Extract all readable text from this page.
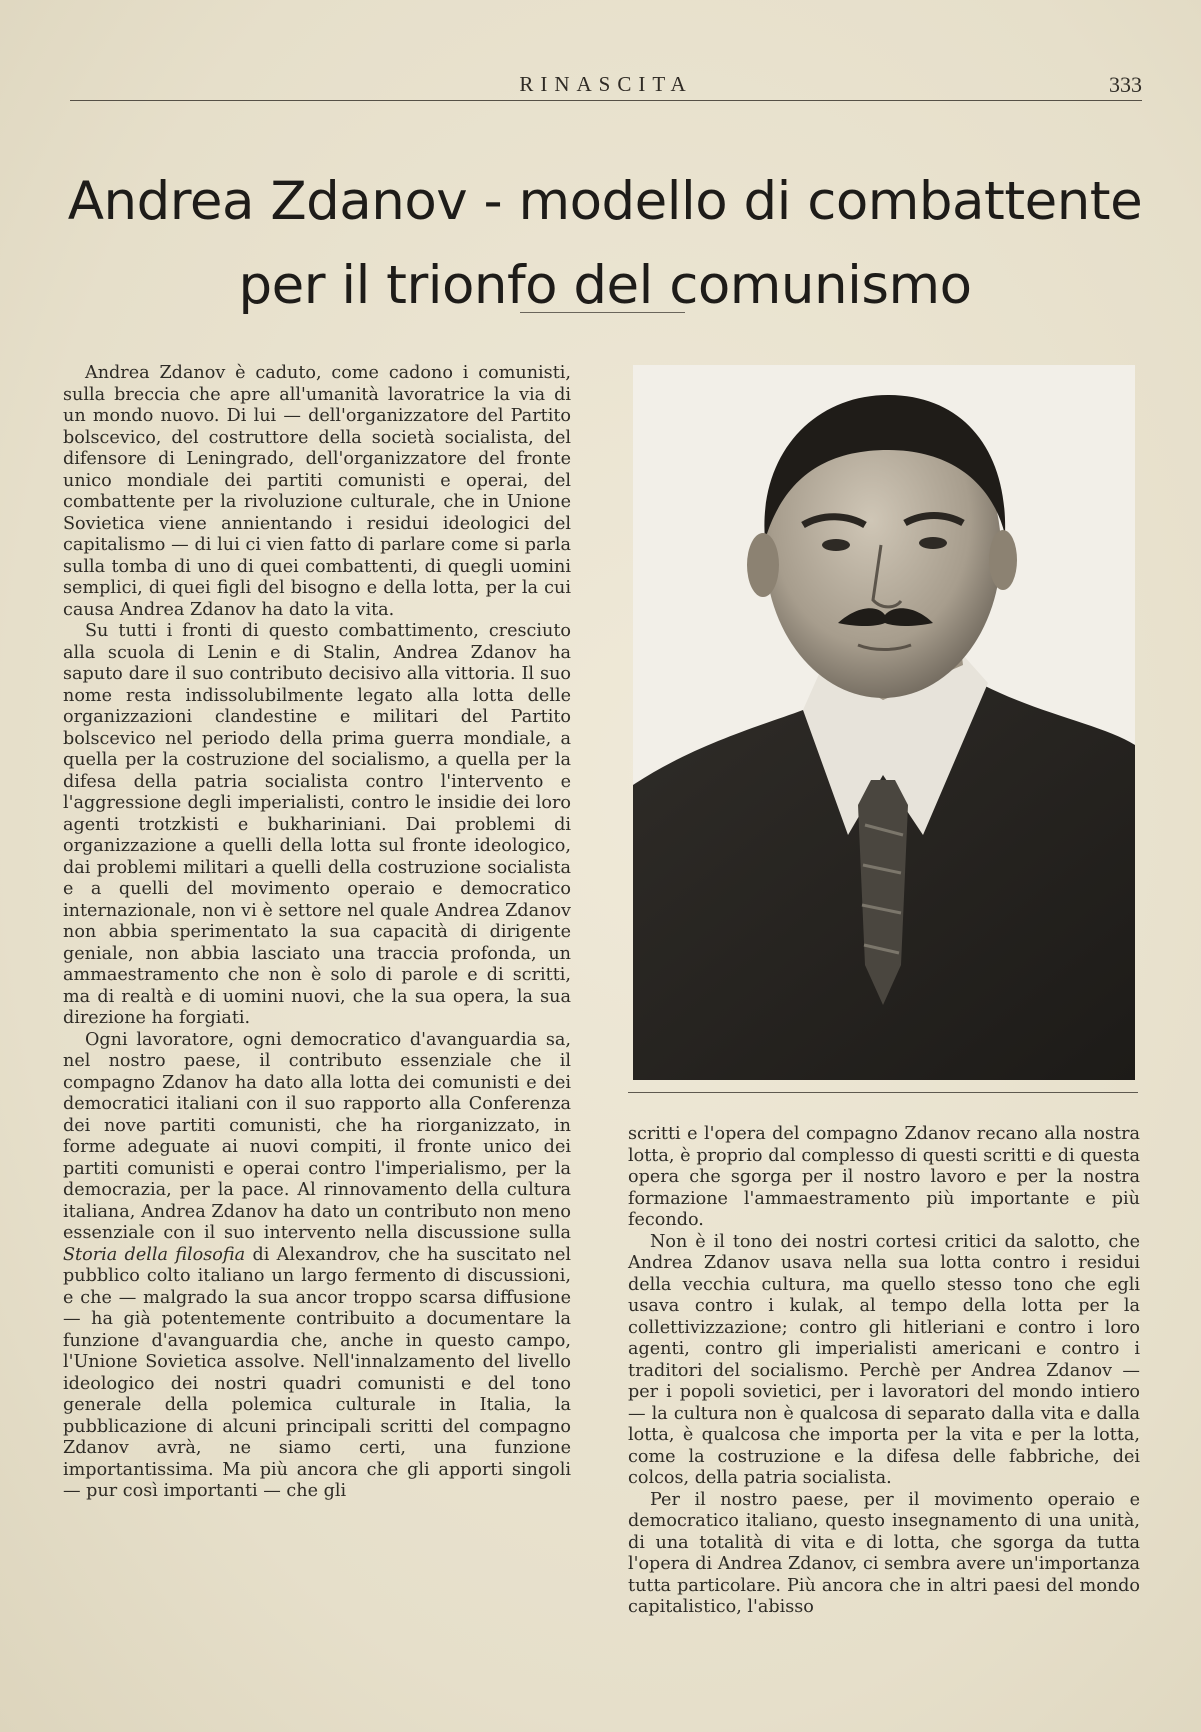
RINASCITA	333
Andrea Zdanov - modello di combattente
per il trionfo del comunismo

Andrea Zdanov è caduto, come cadono i comunisti, sulla breccia che apre all'umanità lavoratrice la via di un mondo nuovo. Di lui — dell'organizzatore del Partito bolscevico, del costruttore della società socialista, del difensore di Leningrado, dell'organizzatore del fronte unico mondiale dei partiti comunisti e operai, del combattente per la rivoluzione culturale, che in Unione Sovietica viene annientando i residui ideologici del capitalismo — di lui ci vien fatto di parlare come si parla sulla tomba di uno di quei combattenti, di quegli uomini semplici, di quei figli del bisogno e della lotta, per la cui causa Andrea Zdanov ha dato la vita.

Su tutti i fronti di questo combattimento, cresciuto alla scuola di Lenin e di Stalin, Andrea Zdanov ha saputo dare il suo contributo decisivo alla vittoria. Il suo nome resta indissolubilmente legato alla lotta delle organizzazioni clandestine e militari del Partito bolscevico nel periodo della prima guerra mondiale, a quella per la costruzione del socialismo, a quella per la difesa della patria socialista contro l'intervento e l'aggressione degli imperialisti, contro le insidie dei loro agenti trotzkisti e bukhariniani. Dai problemi di organizzazione a quelli della lotta sul fronte ideologico, dai problemi militari a quelli della costruzione socialista e a quelli del movimento operaio e democratico internazionale, non vi è settore nel quale Andrea Zdanov non abbia sperimentato la sua capacità di dirigente geniale, non abbia lasciato una traccia profonda, un ammaestramento che non è solo di parole e di scritti, ma di realtà e di uomini nuovi, che la sua opera, la sua direzione ha forgiati.

Ogni lavoratore, ogni democratico d'avanguardia sa, nel nostro paese, il contributo essenziale che il compagno Zdanov ha dato alla lotta dei comunisti e dei democratici italiani con il suo rapporto alla Conferenza dei nove partiti comunisti, che ha riorganizzato, in forme adeguate ai nuovi compiti, il fronte unico dei partiti comunisti e operai contro l'imperialismo, per la democrazia, per la pace. Al rinnovamento della cultura italiana, Andrea Zdanov ha dato un contributo non meno essenziale con il suo intervento nella discussione sulla Storia della filosofia di Alexandrov, che ha suscitato nel pubblico colto italiano un largo fermento di discussioni, e che — malgrado la sua ancor troppo scarsa diffusione — ha già potentemente contribuito a documentare la funzione d'avanguardia che, anche in questo campo, l'Unione Sovietica assolve. Nell'innalzamento del livello ideologico dei nostri quadri comunisti e del tono generale della polemica culturale in Italia, la pubblicazione di alcuni principali scritti del compagno Zdanov avrà, ne siamo certi, una funzione importantissima. Ma più ancora che gli apporti singoli — pur così importanti — che gli

scritti e l'opera del compagno Zdanov recano alla nostra lotta, è proprio dal complesso di questi scritti e di questa opera che sgorga per il nostro lavoro e per la nostra formazione l'ammaestramento più importante e più fecondo.

Non è il tono dei nostri cortesi critici da salotto, che Andrea Zdanov usava nella sua lotta contro i residui della vecchia cultura, ma quello stesso tono che egli usava contro i kulak, al tempo della lotta per la collettivizzazione; contro gli hitleriani e contro i loro agenti, contro gli imperialisti americani e contro i traditori del socialismo. Perchè per Andrea Zdanov — per i popoli sovietici, per i lavoratori del mondo intiero — la cultura non è qualcosa di separato dalla vita e dalla lotta, è qualcosa che importa per la vita e per la lotta, come la costruzione e la difesa delle fabbriche, dei colcos, della patria socialista.

Per il nostro paese, per il movimento operaio e democratico italiano, questo insegnamento di una unità, di una totalità di vita e di lotta, che sgorga da tutta l'opera di Andrea Zdanov, ci sembra avere un'importanza tutta particolare. Più ancora che in altri paesi del mondo capitalistico, l'abisso
